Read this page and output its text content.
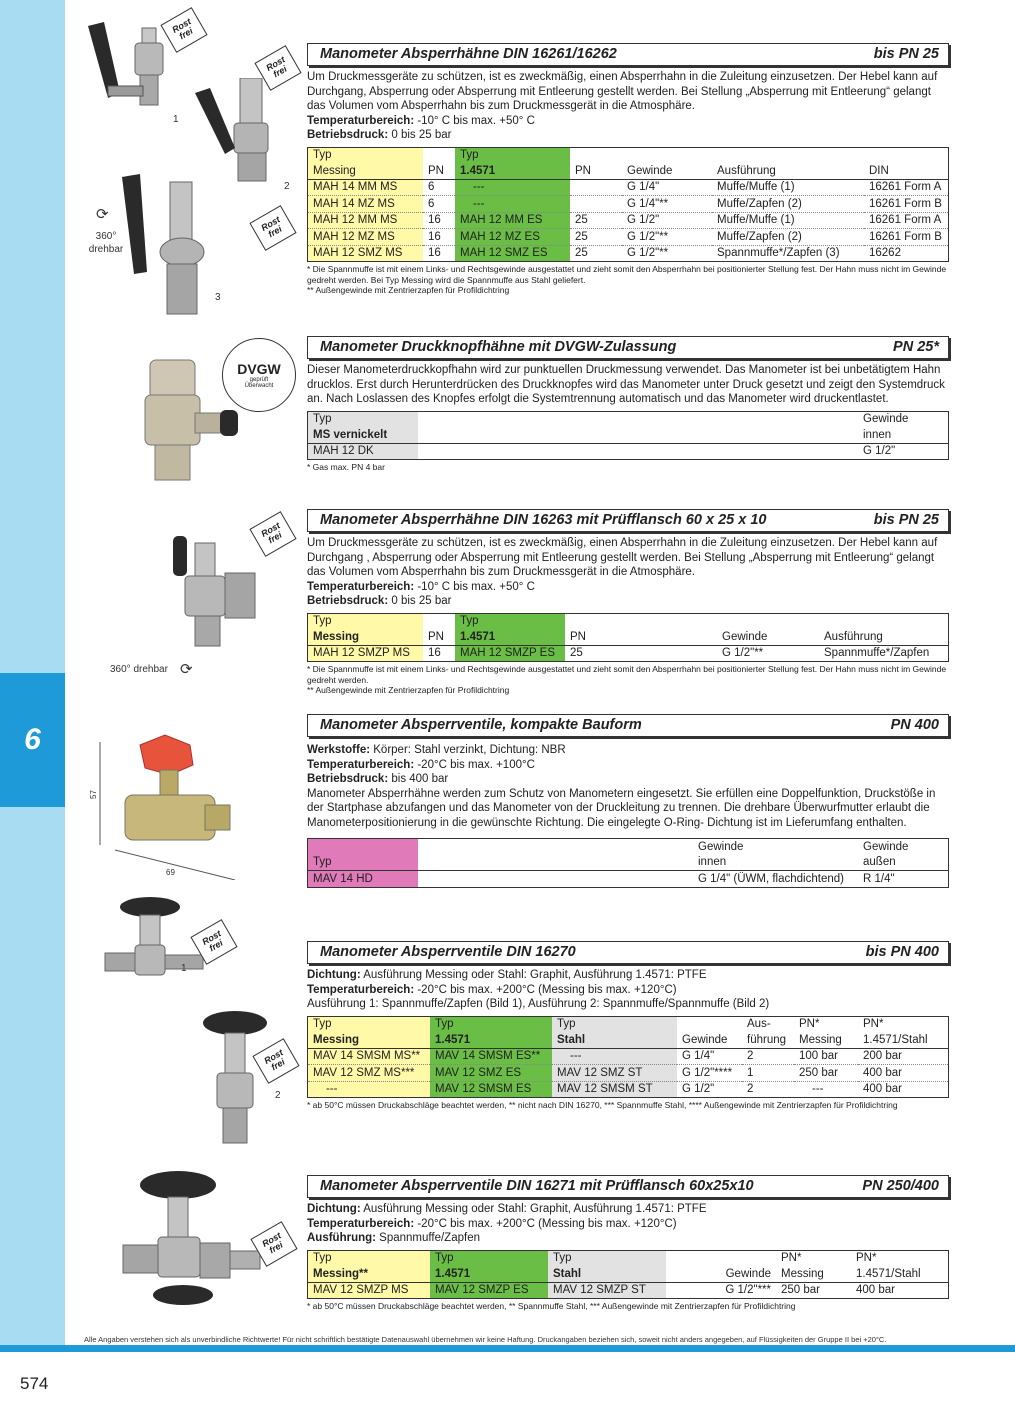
6
Rost frei
Rost frei
Rost frei
Rost frei
Rost frei
Rost frei
Rost frei
DVGW
geprüft Überwacht
1
2
3
⟳
360° drehbar
360° drehbar ⟳
57
69
1
2
Manometer Absperrhähne DIN 16261/16262	bis PN 25

Um Druckmessgeräte zu schützen, ist es zweckmäßig, einen Absperrhahn in die Zuleitung einzusetzen. Der Hebel kann auf Durchgang, Absperrung oder Absperrung mit Entleerung gestellt werden. Bei Stellung „Absperrung mit Entleerung“ gelangt das Volumen vom Absperrhahn bis zum Druckmessgerät in die Atmosphäre.

Temperaturbereich: -10° C bis max. +50° C

Betriebsdruck: 0 bis 25 bar

Typ		Typ				
Messing	PN	1.4571	PN	Gewinde	Ausführung	DIN
MAH 14 MM MS	6	---		G 1/4"	Muffe/Muffe (1)	16261 Form A
MAH 14 MZ MS	6	---		G 1/4"**	Muffe/Zapfen (2)	16261 Form B
MAH 12 MM MS	16	MAH 12 MM ES	25	G 1/2"	Muffe/Muffe (1)	16261 Form A
MAH 12 MZ MS	16	MAH 12 MZ ES	25	G 1/2"**	Muffe/Zapfen (2)	16261 Form B
MAH 12 SMZ MS	16	MAH 12 SMZ ES	25	G 1/2"**	Spannmuffe*/Zapfen (3)	16262
* Die Spannmuffe ist mit einem Links- und Rechtsgewinde ausgestattet und zieht somit den Absperrhahn bei positionierter Stellung fest. Der Hahn muss nicht im Gewinde gedreht werden. Bei Typ Messing wird die Spannmuffe aus Stahl geliefert.
** Außengewinde mit Zentrierzapfen für Profildichtring
Manometer Druckknopfhähne mit DVGW-Zulassung	PN 25*

Dieser Manometerdruckkopfhahn wird zur punktuellen Druckmessung verwendet. Das Manometer ist bei unbetätigtem Hahn drucklos. Erst durch Herunterdrücken des Druckknopfes wird das Manometer unter Druck gesetzt und zeigt den Systemdruck an. Nach Loslassen des Knopfes erfolgt die Systemtrennung automatisch und das Manometer wird druckentlastet.

Typ		Gewinde
MS vernickelt		innen
MAH 12 DK		G 1/2"
* Gas max. PN 4 bar
Manometer Absperrhähne DIN 16263 mit Prüfflansch 60 x 25 x 10	bis PN 25

Um Druckmessgeräte zu schützen, ist es zweckmäßig, einen Absperrhahn in die Zuleitung einzusetzen. Der Hebel kann auf Durchgang , Absperrung oder Absperrung mit Entleerung gestellt werden. Bei Stellung „Absperrung mit Entleerung“ gelangt das Volumen vom Absperrhahn bis zum Druckmessgerät in die Atmosphäre.

Temperaturbereich: -10° C bis max. +50° C

Betriebsdruck: 0 bis 25 bar

Typ		Typ			
Messing	PN	1.4571	PN	Gewinde	Ausführung
MAH 12 SMZP MS	16	MAH 12 SMZP ES	25	G 1/2"**	Spannmuffe*/Zapfen
* Die Spannmuffe ist mit einem Links- und Rechtsgewinde ausgestattet und zieht somit den Absperrhahn bei positionierter Stellung fest. Der Hahn muss nicht im Gewinde gedreht werden.
** Außengewinde mit Zentrierzapfen für Profildichtring
Manometer Absperrventile, kompakte Bauform	PN 400

Werkstoffe: Körper: Stahl verzinkt, Dichtung: NBR

Temperaturbereich: -20°C bis max. +100°C

Betriebsdruck: bis 400 bar

Manometer Absperrhähne werden zum Schutz von Manometern eingesetzt. Sie erfüllen eine Doppelfunktion, Druckstöße in der Startphase abzufangen und das Manometer von der Druckleitung zu trennen. Die drehbare Überwurfmutter erlaubt die Manometerpositionierung in die gewünschte Richtung. Die eingelegte O-Ring- Dichtung ist im Lieferumfang enthalten.

		Gewinde	Gewinde
Typ		innen	außen
MAV 14 HD		G 1/4" (ÜWM, flachdichtend)	R 1/4"
Manometer Absperrventile DIN 16270	bis PN 400

Dichtung: Ausführung Messing oder Stahl: Graphit, Ausführung 1.4571: PTFE

Temperaturbereich: -20°C bis max. +200°C (Messing bis max. +120°C)

Ausführung 1: Spannmuffe/Zapfen (Bild 1), Ausführung 2: Spannmuffe/Spannmuffe (Bild 2)

Typ	Typ	Typ		Aus-	PN*	PN*
Messing	1.4571	Stahl	Gewinde	führung	Messing	1.4571/Stahl
MAV 14 SMSM MS**	MAV 14 SMSM ES**	---	G 1/4"	2	100 bar	200 bar
MAV 12 SMZ MS***	MAV 12 SMZ ES	MAV 12 SMZ ST	G 1/2"****	1	250 bar	400 bar
---	MAV 12 SMSM ES	MAV 12 SMSM ST	G 1/2"	2	---	400 bar
* ab 50°C müssen Druckabschläge beachtet werden, ** nicht nach DIN 16270, *** Spannmuffe Stahl, **** Außengewinde mit Zentrierzapfen für Profildichtring
Manometer Absperrventile DIN 16271 mit Prüfflansch 60x25x10	PN 250/400

Dichtung: Ausführung Messing oder Stahl: Graphit, Ausführung 1.4571: PTFE

Temperaturbereich: -20°C bis max. +200°C (Messing bis max. +120°C)

Ausführung: Spannmuffe/Zapfen

Typ	Typ	Typ		PN*	PN*
Messing**	1.4571	Stahl	Gewinde	Messing	1.4571/Stahl
MAV 12 SMZP MS	MAV 12 SMZP ES	MAV 12 SMZP ST	G 1/2"***	250 bar	400 bar
* ab 50°C müssen Druckabschläge beachtet werden, ** Spannmuffe Stahl, *** Außengewinde mit Zentrierzapfen für Profildichtring
Alle Angaben verstehen sich als unverbindliche Richtwerte! Für nicht schriftlich bestätigte Datenauswahl übernehmen wir keine Haftung. Druckangaben beziehen sich, soweit nicht anders angegeben, auf Flüssigkeiten der Gruppe II bei +20°C.
574
